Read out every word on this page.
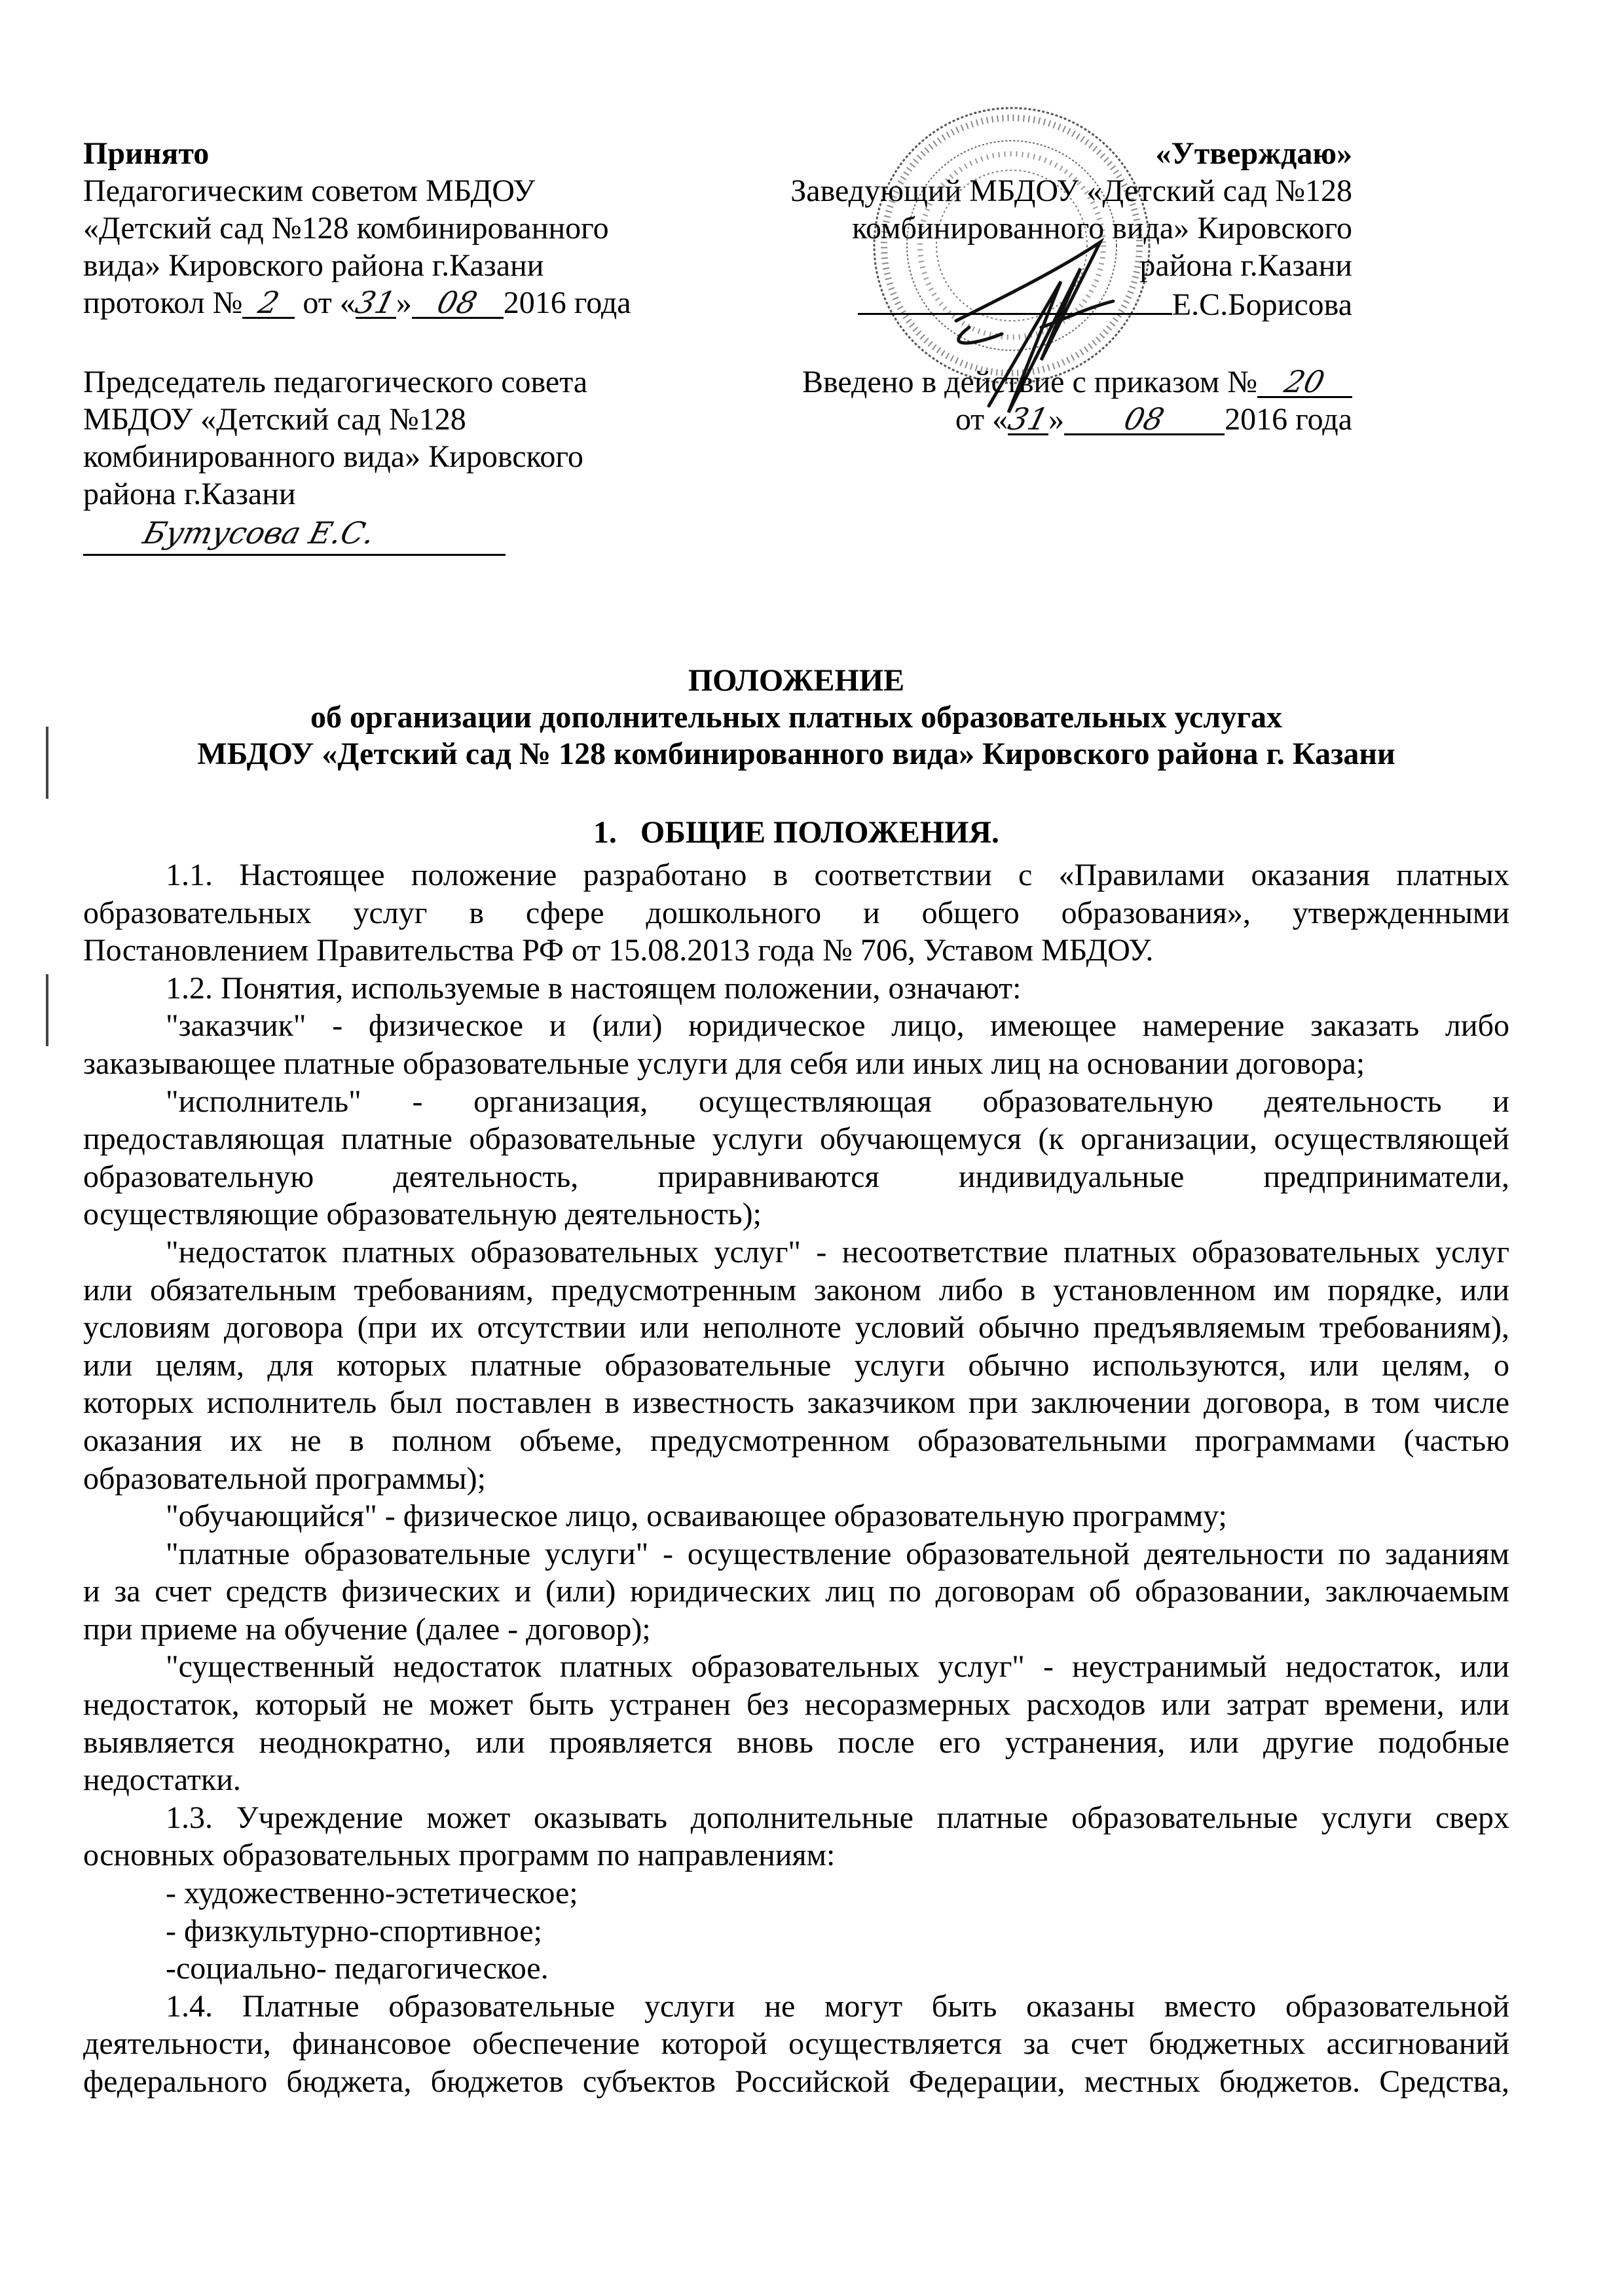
Принято
Педагогическим советом МБДОУ
«Детский сад №128 комбинированного
вида» Кировского района г.Казани
протокол № 2 от «31» 08 2016 года
Председатель педагогического совета
МБДОУ «Детский сад №128
комбинированного вида» Кировского
района г.Казани
Бутусова Е.С.
«Утверждаю»
Заведующий МБДОУ «Детский сад №128
комбинированного вида» Кировского
района г.Казани
Е.С.Борисова
Введено в действие с приказом № 20
от «31» 08 2016 года
ПОЛОЖЕНИЕ
об организации дополнительных платных образовательных услугах
МБДОУ «Детский сад № 128 комбинированного вида» Кировского района г. Казани
1.   ОБЩИЕ ПОЛОЖЕНИЯ.
1.1. Настоящее положение разработано в соответствии с «Правилами оказания платных
образовательных услуг в сфере дошкольного и общего образования», утвержденными
Постановлением Правительства РФ от 15.08.2013 года № 706, Уставом МБДОУ.
1.2. Понятия, используемые в настоящем положении, означают:
"заказчик" - физическое и (или) юридическое лицо, имеющее намерение заказать либо
заказывающее платные образовательные услуги для себя или иных лиц на основании договора;
"исполнитель" - организация, осуществляющая образовательную деятельность и
предоставляющая платные образовательные услуги обучающемуся (к организации, осуществляющей
образовательную деятельность, приравниваются индивидуальные предприниматели,
осуществляющие образовательную деятельность);
"недостаток платных образовательных услуг" - несоответствие платных образовательных услуг
или обязательным требованиям, предусмотренным законом либо в установленном им порядке, или
условиям договора (при их отсутствии или неполноте условий обычно предъявляемым требованиям),
или целям, для которых платные образовательные услуги обычно используются, или целям, о
которых исполнитель был поставлен в известность заказчиком при заключении договора, в том числе
оказания их не в полном объеме, предусмотренном образовательными программами (частью
образовательной программы);
"обучающийся" - физическое лицо, осваивающее образовательную программу;
"платные образовательные услуги" - осуществление образовательной деятельности по заданиям
и за счет средств физических и (или) юридических лиц по договорам об образовании, заключаемым
при приеме на обучение (далее - договор);
"существенный недостаток платных образовательных услуг" - неустранимый недостаток, или
недостаток, который не может быть устранен без несоразмерных расходов или затрат времени, или
выявляется неоднократно, или проявляется вновь после его устранения, или другие подобные
недостатки.
1.3. Учреждение может оказывать дополнительные платные образовательные услуги сверх
основных образовательных программ по направлениям:
- художественно-эстетическое;
- физкультурно-спортивное;
-социально- педагогическое.
1.4. Платные образовательные услуги не могут быть оказаны вместо образовательной
деятельности, финансовое обеспечение которой осуществляется за счет бюджетных ассигнований
федерального бюджета, бюджетов субъектов Российской Федерации, местных бюджетов. Средства,
